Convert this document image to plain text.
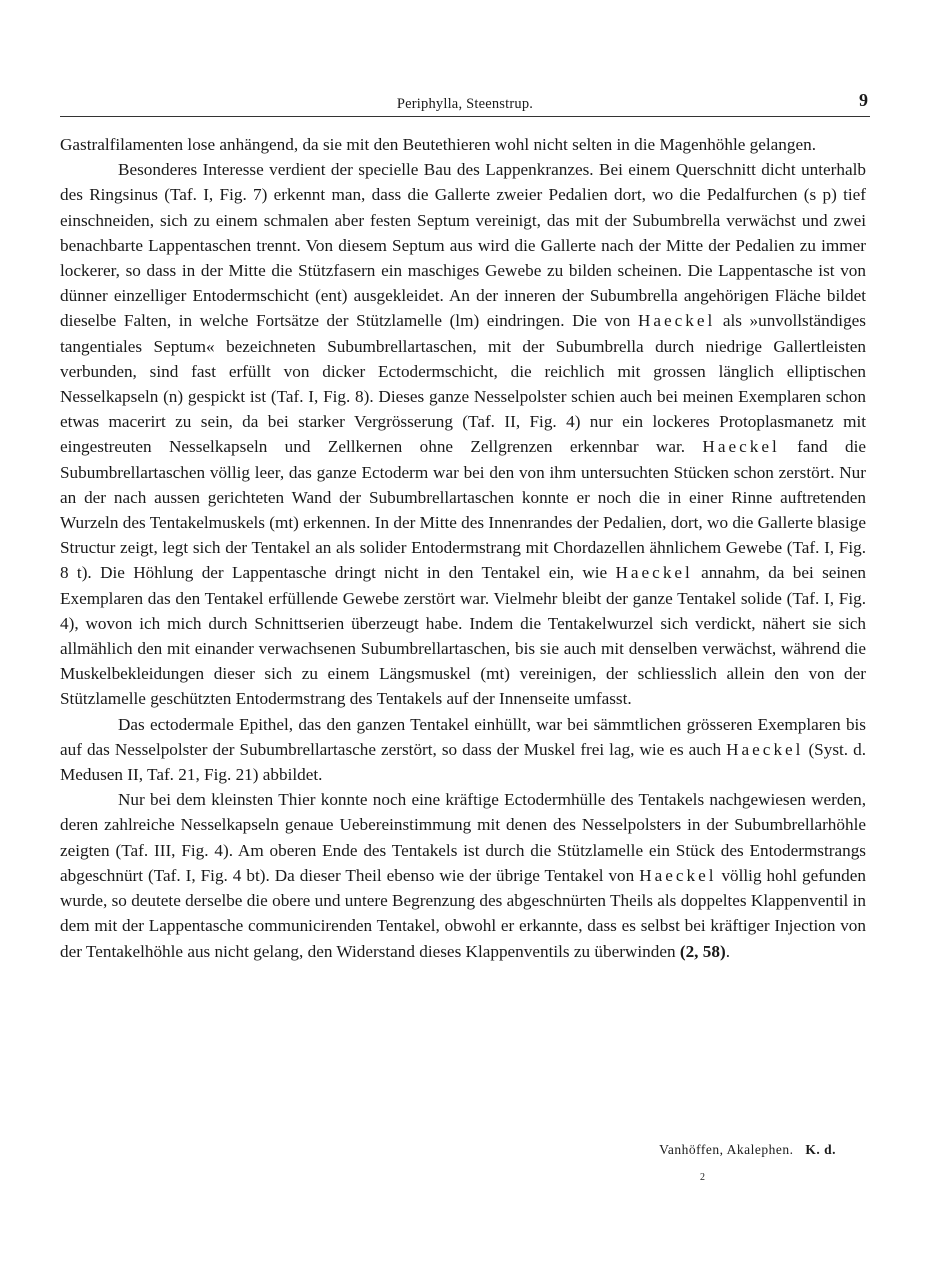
Periphylla, Steenstrup.	9

Gastralfilamenten lose anhängend, da sie mit den Beutethieren wohl nicht selten in die Magenhöhle gelangen.

Besonderes Interesse verdient der specielle Bau des Lappenkranzes. Bei einem Querschnitt dicht unterhalb des Ringsinus (Taf. I, Fig. 7) erkennt man, dass die Gallerte zweier Pedalien dort, wo die Pedalfurchen (s p) tief einschneiden, sich zu einem schmalen aber festen Septum vereinigt, das mit der Subumbrella verwächst und zwei benachbarte Lappentaschen trennt. Von diesem Septum aus wird die Gallerte nach der Mitte der Pedalien zu immer lockerer, so dass in der Mitte die Stützfasern ein maschiges Gewebe zu bilden scheinen. Die Lappentasche ist von dünner einzelliger Entodermschicht (ent) ausgekleidet. An der inneren der Subumbrella angehörigen Fläche bildet dieselbe Falten, in welche Fortsätze der Stützlamelle (lm) eindringen. Die von Haeckel als »unvollständiges tangentiales Septum« bezeichneten Subumbrellartaschen, mit der Subumbrella durch niedrige Gallertleisten verbunden, sind fast erfüllt von dicker Ectodermschicht, die reichlich mit grossen länglich elliptischen Nesselkapseln (n) gespickt ist (Taf. I, Fig. 8). Dieses ganze Nesselpolster schien auch bei meinen Exemplaren schon etwas macerirt zu sein, da bei starker Vergrösserung (Taf. II, Fig. 4) nur ein lockeres Protoplasmanetz mit eingestreuten Nesselkapseln und Zellkernen ohne Zellgrenzen erkennbar war. Haeckel fand die Subumbrellartaschen völlig leer, das ganze Ectoderm war bei den von ihm untersuchten Stücken schon zerstört. Nur an der nach aussen gerichteten Wand der Subumbrellartaschen konnte er noch die in einer Rinne auftretenden Wurzeln des Tentakelmuskels (mt) erkennen. In der Mitte des Innenrandes der Pedalien, dort, wo die Gallerte blasige Structur zeigt, legt sich der Tentakel an als solider Entodermstrang mit Chordazellen ähnlichem Gewebe (Taf. I, Fig. 8 t). Die Höhlung der Lappentasche dringt nicht in den Tentakel ein, wie Haeckel annahm, da bei seinen Exemplaren das den Tentakel erfüllende Gewebe zerstört war. Vielmehr bleibt der ganze Tentakel solide (Taf. I, Fig. 4), wovon ich mich durch Schnittserien überzeugt habe. Indem die Tentakelwurzel sich verdickt, nähert sie sich allmählich den mit einander verwachsenen Subumbrellartaschen, bis sie auch mit denselben verwächst, während die Muskelbekleidungen dieser sich zu einem Längsmuskel (mt) vereinigen, der schliesslich allein den von der Stützlamelle geschützten Entodermstrang des Tentakels auf der Innenseite umfasst.

Das ectodermale Epithel, das den ganzen Tentakel einhüllt, war bei sämmtlichen grösseren Exemplaren bis auf das Nesselpolster der Subumbrellartasche zerstört, so dass der Muskel frei lag, wie es auch Haeckel (Syst. d. Medusen II, Taf. 21, Fig. 21) abbildet.

Nur bei dem kleinsten Thier konnte noch eine kräftige Ectodermhülle des Tentakels nachgewiesen werden, deren zahlreiche Nesselkapseln genaue Uebereinstimmung mit denen des Nesselpolsters in der Subumbrellarhöhle zeigten (Taf. III, Fig. 4). Am oberen Ende des Tentakels ist durch die Stützlamelle ein Stück des Entodermstrangs abgeschnürt (Taf. I, Fig. 4 bt). Da dieser Theil ebenso wie der übrige Tentakel von Haeckel völlig hohl gefunden wurde, so deutete derselbe die obere und untere Begrenzung des abgeschnürten Theils als doppeltes Klappenventil in dem mit der Lappentasche communicirenden Tentakel, obwohl er erkannte, dass es selbst bei kräftiger Injection von der Tentakelhöhle aus nicht gelang, den Widerstand dieses Klappenventils zu überwinden (2, 58).

Vanhöffen, Akalephen. K. d.
2
